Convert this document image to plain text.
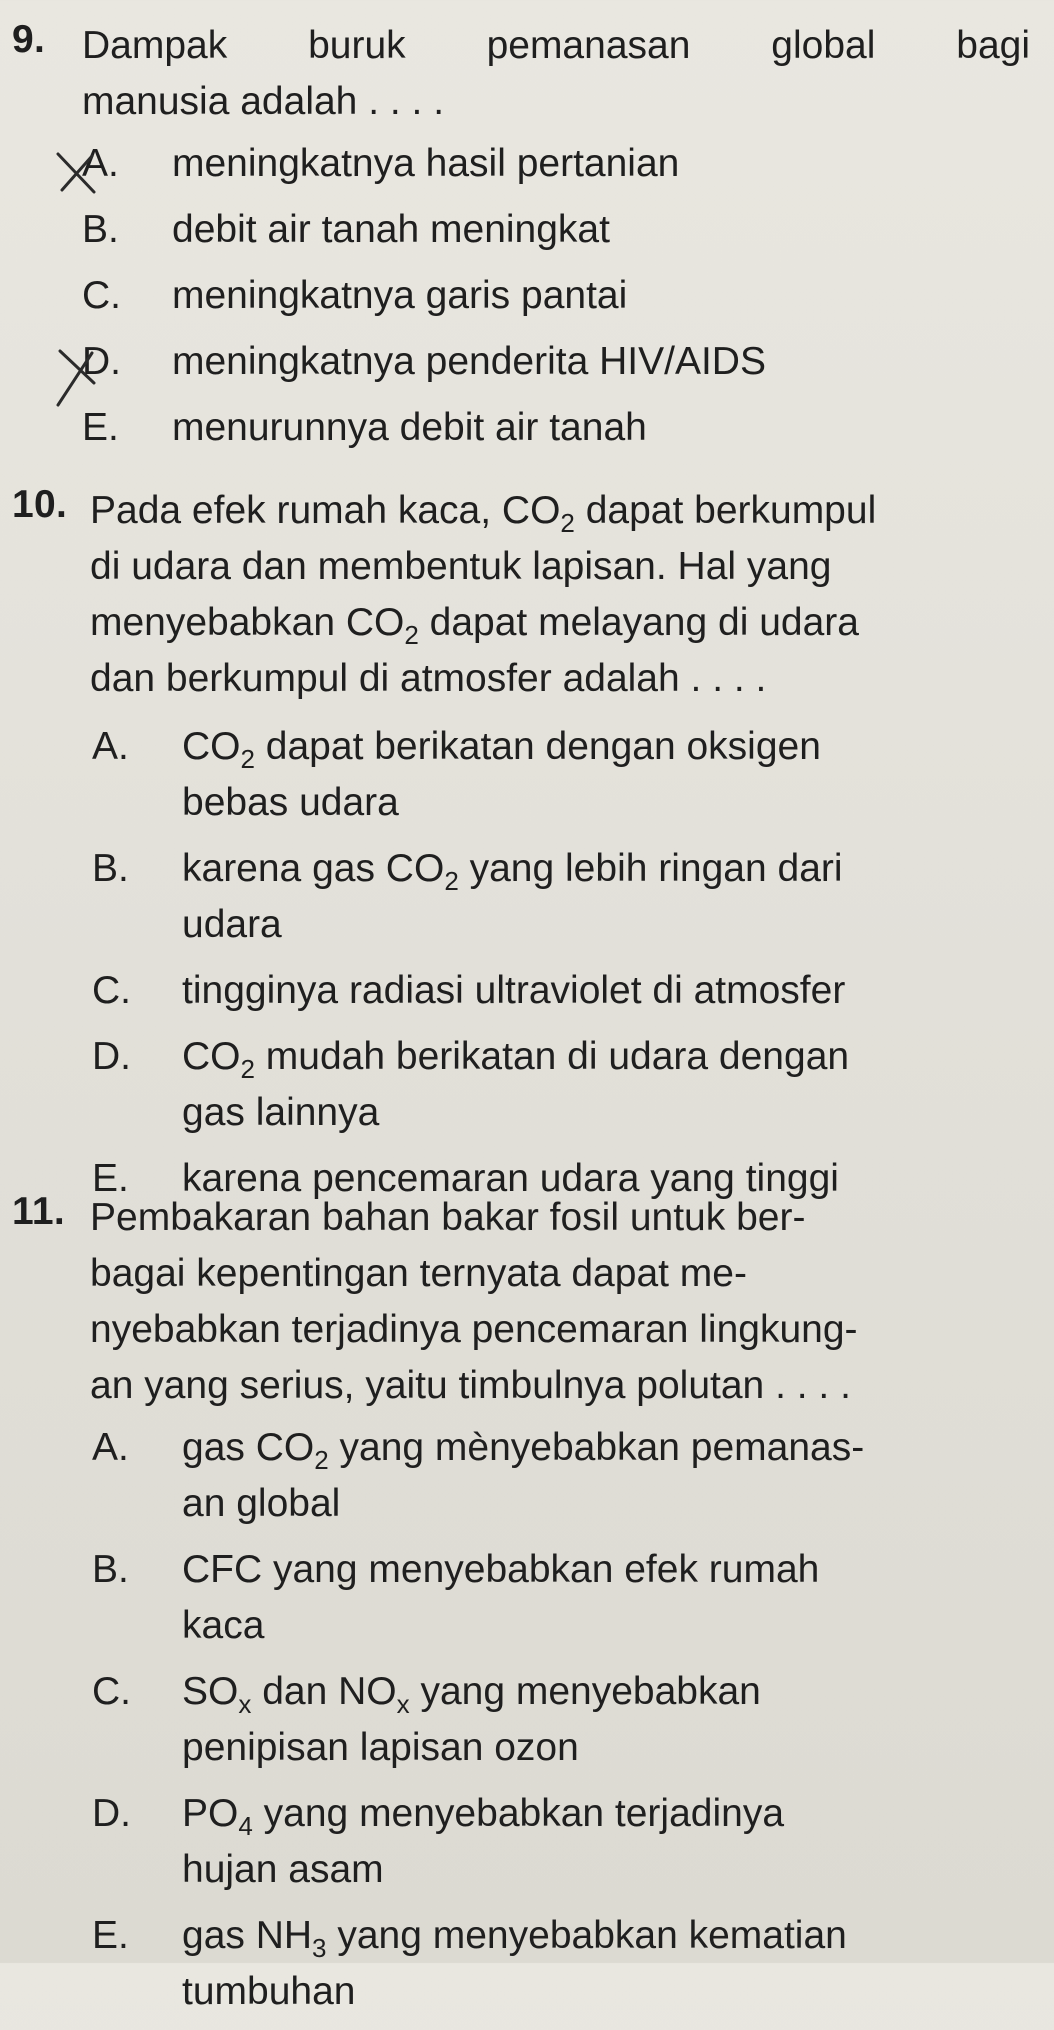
9. Dampak buruk pemanasan global bagi
manusia adalah . . . .
A.	meningkatnya hasil pertanian
B.	debit air tanah meningkat
C.	meningkatnya garis pantai
D.	meningkatnya penderita HIV/AIDS
E.	menurunnya debit air tanah
10. Pada efek rumah kaca, $CO_2$ dapat berkumpul
di udara dan membentuk lapisan. Hal yang
menyebabkan $CO_2$ dapat melayang di udara
dan berkumpul di atmosfer adalah . . . .
A.	$CO_2$ dapat berikatan dengan oksigen
bebas udara
B.	karena gas $CO_2$ yang lebih ringan dari
udara
C.	tingginya radiasi ultraviolet di atmosfer
D.	$CO_2$ mudah berikatan di udara dengan
gas lainnya
E.	karena pencemaran udara yang tinggi
11. Pembakaran bahan bakar fosil untuk ber-
bagai kepentingan ternyata dapat me-
nyebabkan terjadinya pencemaran lingkung-
an yang serius, yaitu timbulnya polutan . . . .
A.	gas $CO_2$ yang mènyebabkan pemanas-
an global
B.	CFC yang menyebabkan efek rumah
kaca
C.	$SO_x$ dan $NO_x$ yang menyebabkan
penipisan lapisan ozon
D.	$PO_4$ yang menyebabkan terjadinya
hujan asam
E.	gas $NH_3$ yang menyebabkan kematian
tumbuhan
